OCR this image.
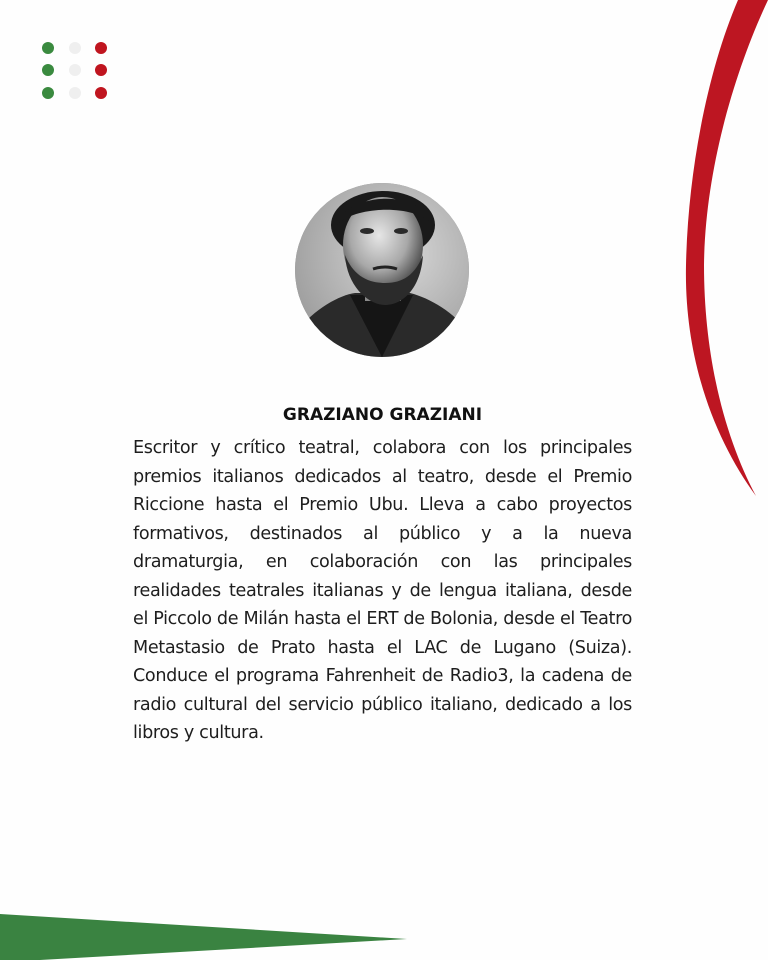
GRAZIANO GRAZIANI

Escritor y crítico teatral, colabora con los principales premios italianos dedicados al teatro, desde el Premio Riccione hasta el Premio Ubu. Lleva a cabo proyectos formativos, destinados al público y a la nueva dramaturgia, en colaboración con las principales realidades teatrales italianas y de lengua italiana, desde el Piccolo de Milán hasta el ERT de Bolonia, desde el Teatro Metastasio de Prato hasta el LAC de Lugano (Suiza). Conduce el programa Fahrenheit de Radio3, la cadena de radio cultural del servicio público italiano, dedicado a los libros y cultura.
